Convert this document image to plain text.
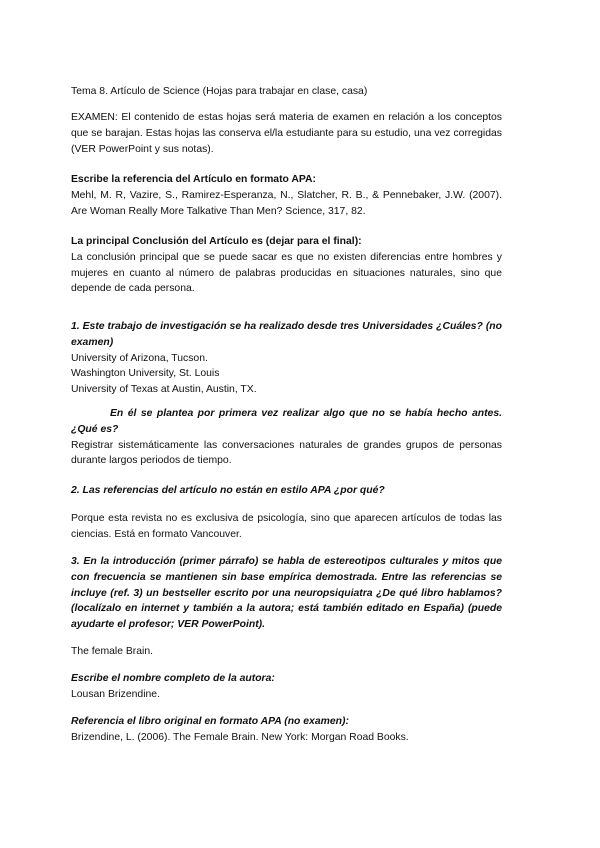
Tema 8. Artículo de Science (Hojas para trabajar en clase, casa)
EXAMEN: El contenido de estas hojas será materia de examen en relación a los conceptos que se barajan. Estas hojas las conserva el/la estudiante para su estudio, una vez corregidas (VER PowerPoint y sus notas).

Escribe la referencia del Artículo en formato APA:

Mehl, M. R, Vazire, S., Ramirez-Esperanza, N., Slatcher, R. B., & Pennebaker, J.W. (2007). Are Woman Really More Talkative Than Men? Science, 317, 82.

La principal Conclusión del Artículo es (dejar para el final):

La conclusión principal que se puede sacar es que no existen diferencias entre hombres y mujeres en cuanto al número de palabras producidas en situaciones naturales, sino que depende de cada persona.

1. Este trabajo de investigación se ha realizado desde tres Universidades ¿Cuáles? (no examen)

University of Arizona, Tucson.

Washington University, St. Louis

University of Texas at Austin, Austin, TX.

En él se plantea por primera vez realizar algo que no se había hecho antes. ¿Qué es?

Registrar sistemáticamente las conversaciones naturales de grandes grupos de personas durante largos periodos de tiempo.

2. Las referencias del artículo no están en estilo APA ¿por qué?
Porque esta revista no es exclusiva de psicología, sino que aparecen artículos de todas las ciencias. Está en formato Vancouver.
3. En la introducción (primer párrafo) se habla de estereotipos culturales y mitos que con frecuencia se mantienen sin base empírica demostrada. Entre las referencias se incluye (ref. 3) un bestseller escrito por una neuropsiquiatra ¿De qué libro hablamos? (localízalo en internet y también a la autora; está también editado en España) (puede ayudarte el profesor; VER PowerPoint).
The female Brain.

Escribe el nombre completo de la autora:

Lousan Brizendine.

Referencia el libro original en formato APA (no examen):

Brizendine, L. (2006). The Female Brain. New York: Morgan Road Books.
